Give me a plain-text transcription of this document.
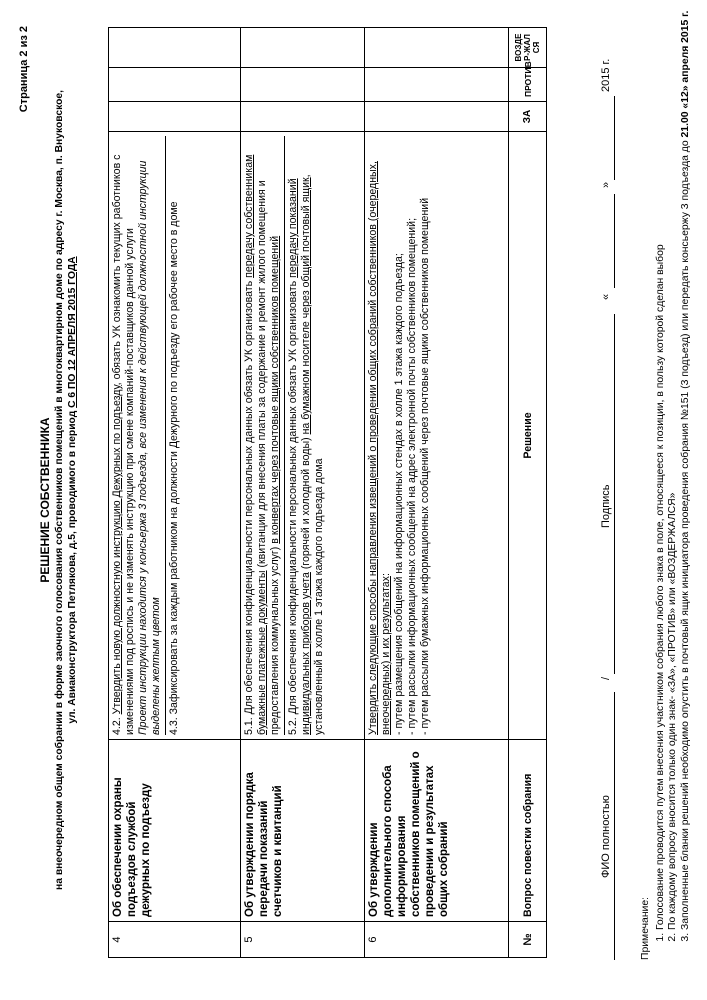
Страница 2 из 2
РЕШЕНИЕ СОБСТВЕННИКА на внеочередном общем собрании в форме заочного голосования собственников помещений в многоквартирном доме по адресу г. Москва, п. Внуковское, ул. Авиаконструктора Петлякова, д.5, проводимого в период С 6 ПО 12 АПРЕЛЯ 2015 ГОДА
4	Об обеспечении охраны подъездов службой дежурных по подъезду	4.2. Утвердить новую должностную инструкцию Дежурных по подъезду, обязать УК ознакомить текущих работников с изменениями под роспись и не изменять инструкцию при смене компаний-поставщиков данной услуги Проект инструкции находится у консьержа 3 подъезда, все изменения к действующей должностной инструкции выделены желтым цветом 4.3. Зафиксировать за каждым работником на должности Дежурного по подъезду его рабочее место в доме			

5	Об утверждении порядка передачи показаний счетчиков и квитанций	5.1. Для обеспечения конфиденциальности персональных данных обязать УК организовать передачу собственникам бумажные платежные документы (квитанции для внесения платы за содержание и ремонт жилого помещения и предоставления коммунальных услуг) в конвертах через почтовые ящики собственников помещений 5.2. Для обеспечения конфиденциальности персональных данных обязать УК организовать передачу показаний индивидуальных приборов учета (горячей и холодной воды) на бумажном носителе через общий почтовый ящик, установленный в холле 1 этажа каждого подъезда дома			

6	Об утверждении дополнительного способа информирования собственников помещений о проведении и результатах общих собраний	Утвердить следующие способы направления извещений о проведении общих собраний собственников (очередных, внеочередных) и их результатах: - путем размещения сообщений на информационных стендах в холле 1 этажа каждого подъезда; - путем рассылки информационных сообщений на адрес электронной почты собственников помещений; - путем рассылки бумажных информационных сообщений через почтовые ящики собственников помещений			

№	Вопрос повестки собрания	Решение	ЗА	ПРОТИВ	ВОЗДЕР-ЖАЛСЯ
ФИО полностью
/
Подпись
«
»
2015 г.
Примечание: 1. Голосование проводится путем внесения участником собрания любого знака в поле, относящееся к позиции, в пользу которой сделан выбор 2. По каждому вопросу вносится только один знак- «ЗА», «ПРОТИВ» или «ВОЗДЕРЖАЛСЯ» 3. Заполненные бланки решений необходимо опустить в почтовый ящик инициатора проведения собрания №151 (3 подъезд) или передать консьержу 3 подъезда до 21.00 «12» апреля 2015 г.
